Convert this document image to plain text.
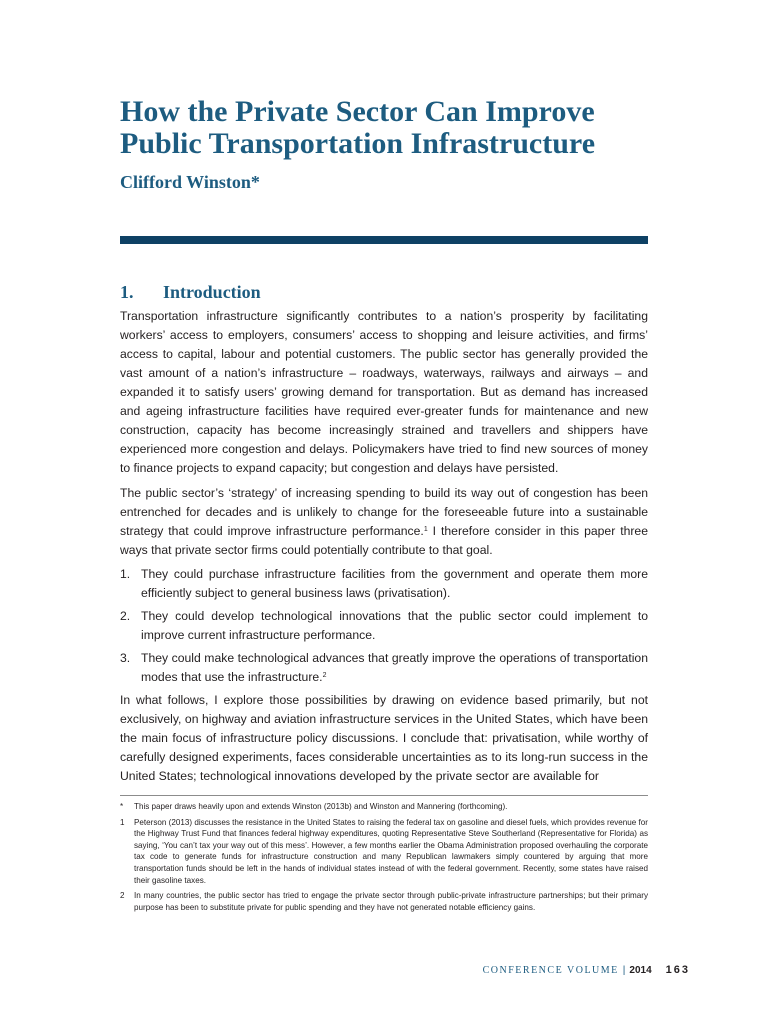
How the Private Sector Can Improve
Public Transportation Infrastructure

Clifford Winston*

1. Introduction

Transportation infrastructure significantly contributes to a nation’s prosperity by facilitating workers’ access to employers, consumers’ access to shopping and leisure activities, and firms’ access to capital, labour and potential customers. The public sector has generally provided the vast amount of a nation’s infrastructure – roadways, waterways, railways and airways – and expanded it to satisfy users’ growing demand for transportation. But as demand has increased and ageing infrastructure facilities have required ever-greater funds for maintenance and new construction, capacity has become increasingly strained and travellers and shippers have experienced more congestion and delays. Policymakers have tried to find new sources of money to finance projects to expand capacity; but congestion and delays have persisted.

The public sector’s ‘strategy’ of increasing spending to build its way out of congestion has been entrenched for decades and is unlikely to change for the foreseeable future into a sustainable strategy that could improve infrastructure performance.$^1$ I therefore consider in this paper three ways that private sector firms could potentially contribute to that goal.

1. They could purchase infrastructure facilities from the government and operate them more efficiently subject to general business laws (privatisation).
2. They could develop technological innovations that the public sector could implement to improve current infrastructure performance.
3. They could make technological advances that greatly improve the operations of transportation modes that use the infrastructure.$^2$

In what follows, I explore those possibilities by drawing on evidence based primarily, but not exclusively, on highway and aviation infrastructure services in the United States, which have been the main focus of infrastructure policy discussions. I conclude that: privatisation, while worthy of carefully designed experiments, faces considerable uncertainties as to its long-run success in the United States; technological innovations developed by the private sector are available for

* This paper draws heavily upon and extends Winston (2013b) and Winston and Mannering (forthcoming).

1 Peterson (2013) discusses the resistance in the United States to raising the federal tax on gasoline and diesel fuels, which provides revenue for the Highway Trust Fund that finances federal highway expenditures, quoting Representative Steve Southerland (Representative for Florida) as saying, ‘You can’t tax your way out of this mess’. However, a few months earlier the Obama Administration proposed overhauling the corporate tax code to generate funds for infrastructure construction and many Republican lawmakers simply countered by arguing that more transportation funds should be left in the hands of individual states instead of with the federal government. Recently, some states have raised their gasoline taxes.

2 In many countries, the public sector has tried to engage the private sector through public-private infrastructure partnerships; but their primary purpose has been to substitute private for public spending and they have not generated notable efficiency gains.

CONFERENCE VOLUME | 2014 163
